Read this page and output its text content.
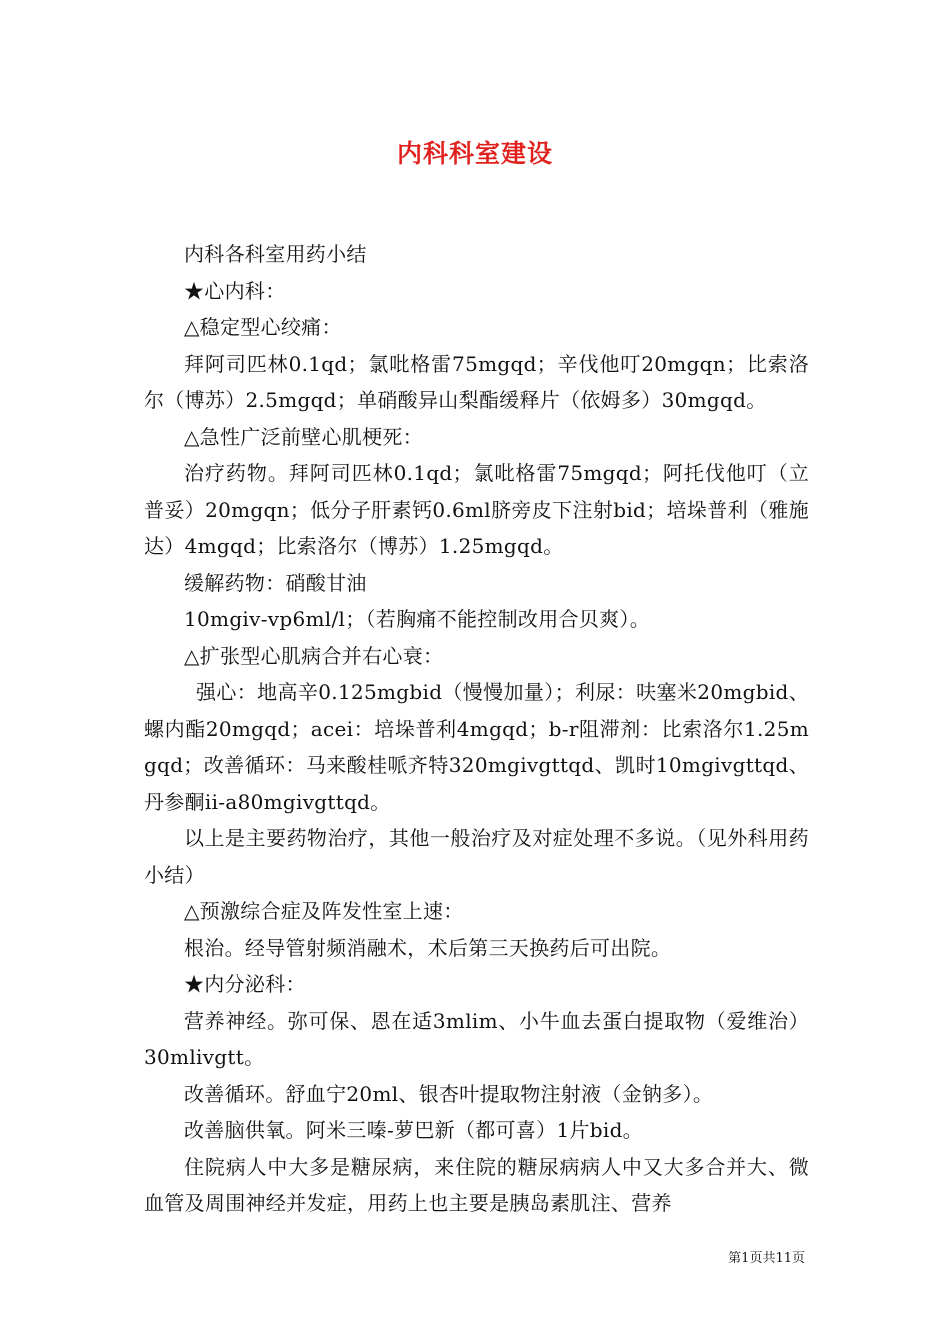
内科科室建设

内科各科室用药小结

★心内科：

△稳定型心绞痛：

拜阿司匹林0.1qd；氯吡格雷75mgqd；辛伐他叮20mgqn；比索洛尔（博苏）2.5mgqd；单硝酸异山梨酯缓释片（依姆多）30mgqd。

△急性广泛前壁心肌梗死：

治疗药物。拜阿司匹林0.1qd；氯吡格雷75mgqd；阿托伐他叮（立普妥）20mgqn；低分子肝素钙0.6ml脐旁皮下注射bid；培垛普利（雅施达）4mgqd；比索洛尔（博苏）1.25mgqd。

缓解药物：硝酸甘油

10mgiv-vp6ml/l；（若胸痛不能控制改用合贝爽）。

△扩张型心肌病合并右心衰：

强心：地高辛0.125mgbid（慢慢加量）；利尿：呋塞米20mgbid、螺内酯20mgqd；acei：培垛普利4mgqd；b-r阻滞剂：比索洛尔1.25mgqd；改善循环：马来酸桂哌齐特320mgivgttqd、凯时10mgivgttqd、丹参酮ii-a80mgivgttqd。

以上是主要药物治疗，其他一般治疗及对症处理不多说。（见外科用药小结）

△预激综合症及阵发性室上速：

根治。经导管射频消融术，术后第三天换药后可出院。

★内分泌科：

营养神经。弥可保、恩在适3mlim、小牛血去蛋白提取物（爱维治）30mlivgtt。

改善循环。舒血宁20ml、银杏叶提取物注射液（金钠多）。

改善脑供氧。阿米三嗪-萝巴新（都可喜）1片bid。

住院病人中大多是糖尿病，来住院的糖尿病病人中又大多合并大、微血管及周围神经并发症，用药上也主要是胰岛素肌注、营养

第1页共11页
